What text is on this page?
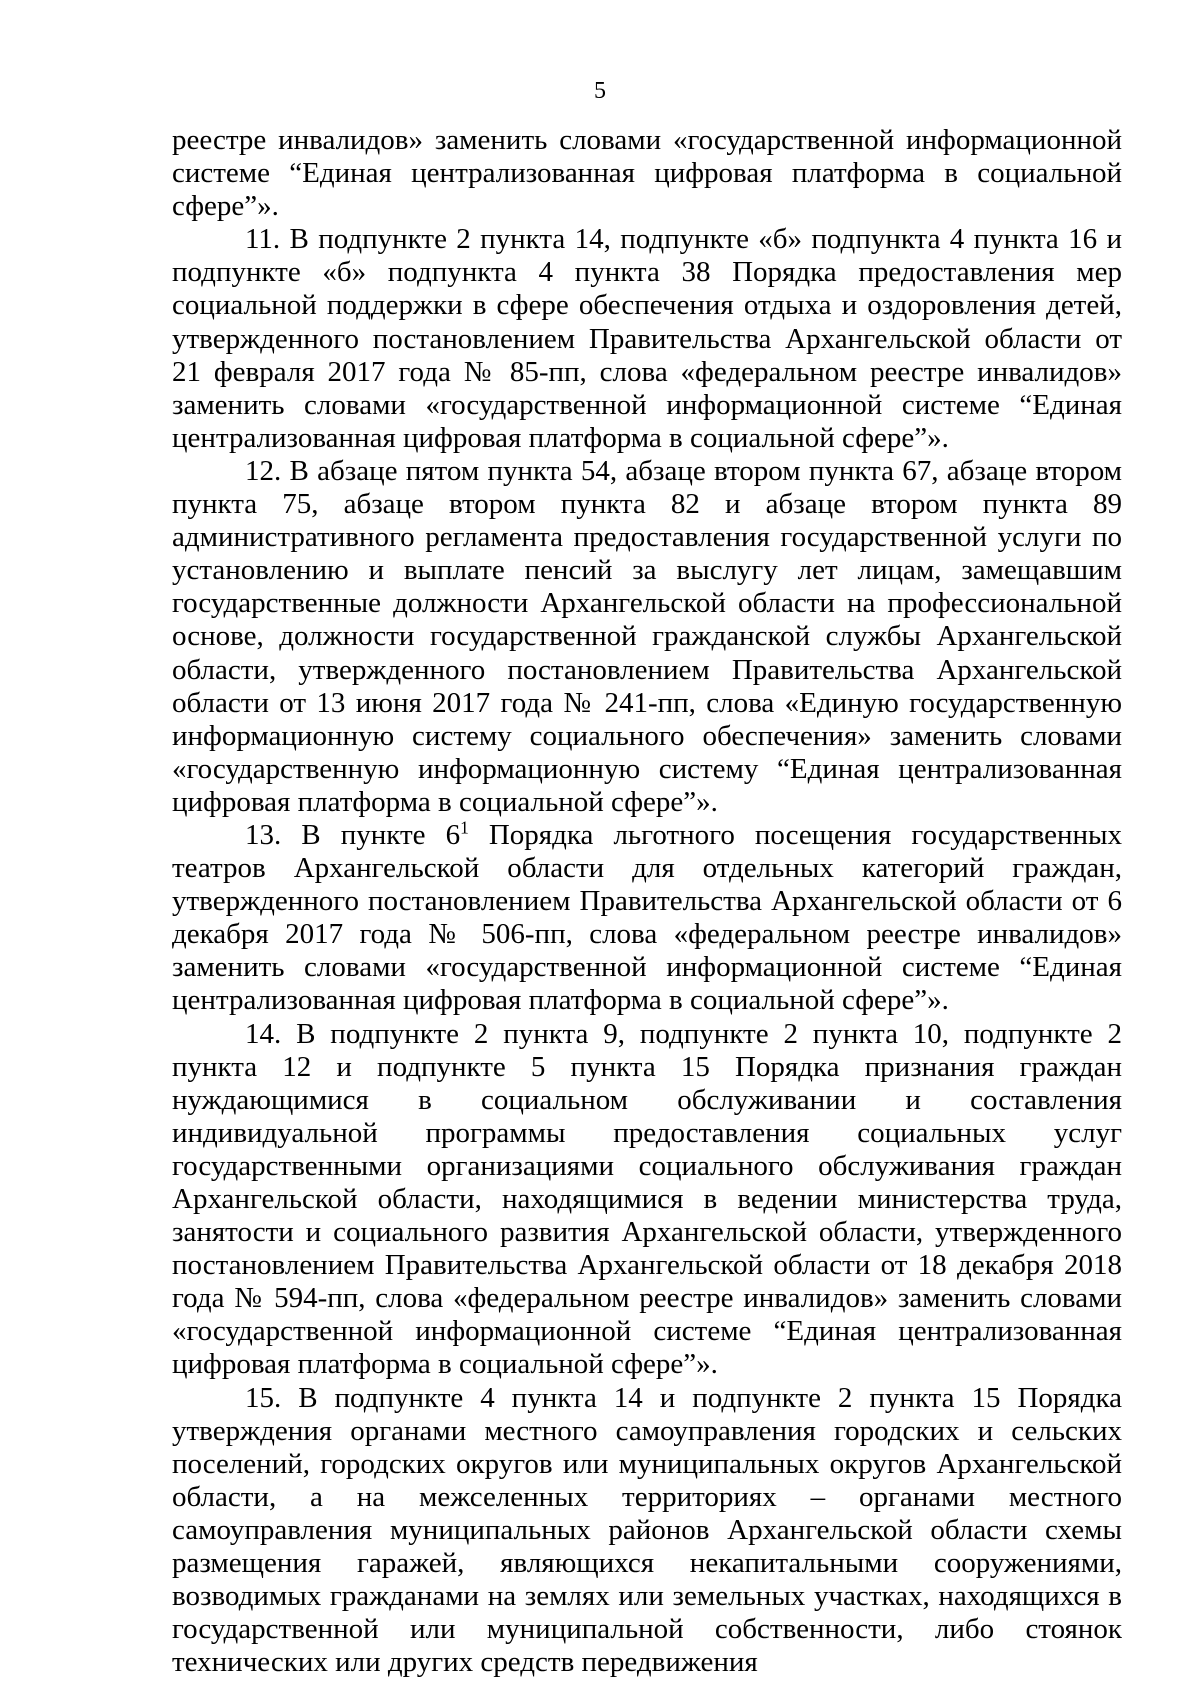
5

реестре инвалидов» заменить словами «государственной информационной системе “Единая централизованная цифровая платформа в социальной сфере”».

11. В подпункте 2 пункта 14, подпункте «б» подпункта 4 пункта 16 и подпункте «б» подпункта 4 пункта 38 Порядка предоставления мер социальной поддержки в сфере обеспечения отдыха и оздоровления детей, утвержденного постановлением Правительства Архангельской области от 21 февраля 2017 года № 85-пп, слова «федеральном реестре инвалидов» заменить словами «государственной информационной системе “Единая централизованная цифровая платформа в социальной сфере”».

12. В абзаце пятом пункта 54, абзаце втором пункта 67, абзаце втором пункта 75, абзаце втором пункта 82 и абзаце втором пункта 89 административного регламента предоставления государственной услуги по установлению и выплате пенсий за выслугу лет лицам, замещавшим государственные должности Архангельской области на профессиональной основе, должности государственной гражданской службы Архангельской области, утвержденного постановлением Правительства Архангельской области от 13 июня 2017 года № 241-пп, слова «Единую государственную информационную систему социального обеспечения» заменить словами «государственную информационную систему “Единая централизованная цифровая платформа в социальной сфере”».

13. В пункте $6^1$ Порядка льготного посещения государственных театров Архангельской области для отдельных категорий граждан, утвержденного постановлением Правительства Архангельской области от 6 декабря 2017 года № 506-пп, слова «федеральном реестре инвалидов» заменить словами «государственной информационной системе “Единая централизованная цифровая платформа в социальной сфере”».

14. В подпункте 2 пункта 9, подпункте 2 пункта 10, подпункте 2 пункта 12 и подпункте 5 пункта 15 Порядка признания граждан нуждающимися в социальном обслуживании и составления индивидуальной программы предоставления социальных услуг государственными организациями социального обслуживания граждан Архангельской области, находящимися в ведении министерства труда, занятости и социального развития Архангельской области, утвержденного постановлением Правительства Архангельской области от 18 декабря 2018 года № 594-пп, слова «федеральном реестре инвалидов» заменить словами «государственной информационной системе “Единая централизованная цифровая платформа в социальной сфере”».

15. В подпункте 4 пункта 14 и подпункте 2 пункта 15 Порядка утверждения органами местного самоуправления городских и сельских поселений, городских округов или муниципальных округов Архангельской области, а на межселенных территориях – органами местного самоуправления муниципальных районов Архангельской области схемы размещения гаражей, являющихся некапитальными сооружениями, возводимых гражданами на землях или земельных участках, находящихся в государственной или муниципальной собственности, либо стоянок технических или других средств передвижения
